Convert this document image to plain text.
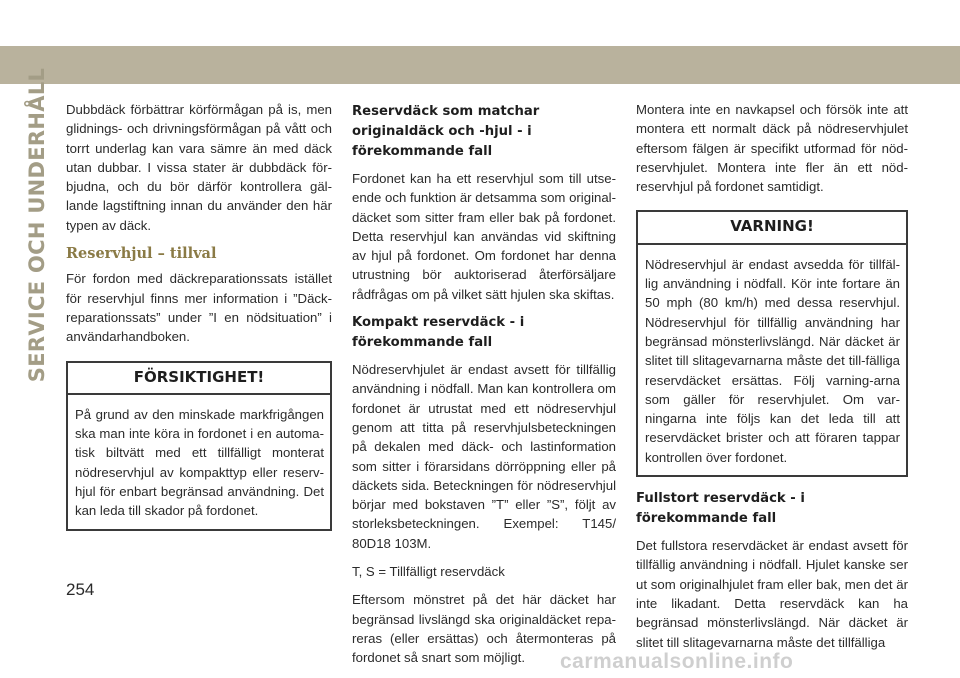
SERVICE OCH UNDERHÅLL Dubbdäck förbättrar körförmågan på is, men glidnings- och drivningsförmågan på vått och torrt underlag kan vara sämre än med däck utan dubbar. I vissa stater är dubbdäck för-bjudna, och du bör därför kontrollera gäl-lande lagstiftning innan du använder den här typen av däck.

Reservhjul – tillval

För fordon med däckreparationssats istället för reservhjul finns mer information i ”Däck-reparationssats” under ”I en nödsituation” i användarhandboken.

FÖRSIKTIGHET!
På grund av den minskade markfrigången ska man inte köra in fordonet i en automa-tisk biltvätt med ett tillfälligt monterat nödreservhjul av kompakttyp eller reserv-hjul för enbart begränsad användning. Det kan leda till skador på fordonet.
Reservdäck som matchar originaldäck och -hjul - i förekommande fall

Fordonet kan ha ett reservhjul som till utse-ende och funktion är detsamma som original-däcket som sitter fram eller bak på fordonet. Detta reservhjul kan användas vid skiftning av hjul på fordonet. Om fordonet har denna utrustning bör auktoriserad återförsäljare rådfrågas om på vilket sätt hjulen ska skiftas.

Kompakt reservdäck - i förekommande fall

Nödreservhjulet är endast avsett för tillfällig användning i nödfall. Man kan kontrollera om fordonet är utrustat med ett nödreservhjul genom att titta på reservhjulsbeteckningen på dekalen med däck- och lastinformation som sitter i förarsidans dörröppning eller på däckets sida. Beteckningen för nödreservhjul börjar med bokstaven ”T” eller ”S”, följt av storleksbeteckningen. Exempel: T145/ 80D18 103M.

T, S = Tillfälligt reservdäck

Eftersom mönstret på det här däcket har begränsad livslängd ska originaldäcket repa-reras (eller ersättas) och återmonteras på fordonet så snart som möjligt.

Montera inte en navkapsel och försök inte att montera ett normalt däck på nödreservhjulet eftersom fälgen är specifikt utformad för nöd-reservhjulet. Montera inte fler än ett nöd-reservhjul på fordonet samtidigt.

VARNING!
Nödreservhjul är endast avsedda för tillfäl-lig användning i nödfall. Kör inte fortare än 50 mph (80 km/h) med dessa reservhjul. Nödreservhjul för tillfällig användning har begränsad mönsterlivslängd. När däcket är slitet till slitagevarnarna måste det till-fälliga reservdäcket ersättas. Följ varning-arna som gäller för reservhjulet. Om var-ningarna inte följs kan det leda till att reservdäcket brister och att föraren tappar kontrollen över fordonet.
Fullstort reservdäck - i förekommande fall

Det fullstora reservdäcket är endast avsett för tillfällig användning i nödfall. Hjulet kanske ser ut som originalhjulet fram eller bak, men det är inte likadant. Detta reservdäck kan ha begränsad mönsterlivslängd. När däcket är slitet till slitagevarnarna måste det tillfälliga

254
carmanualsonline.info
